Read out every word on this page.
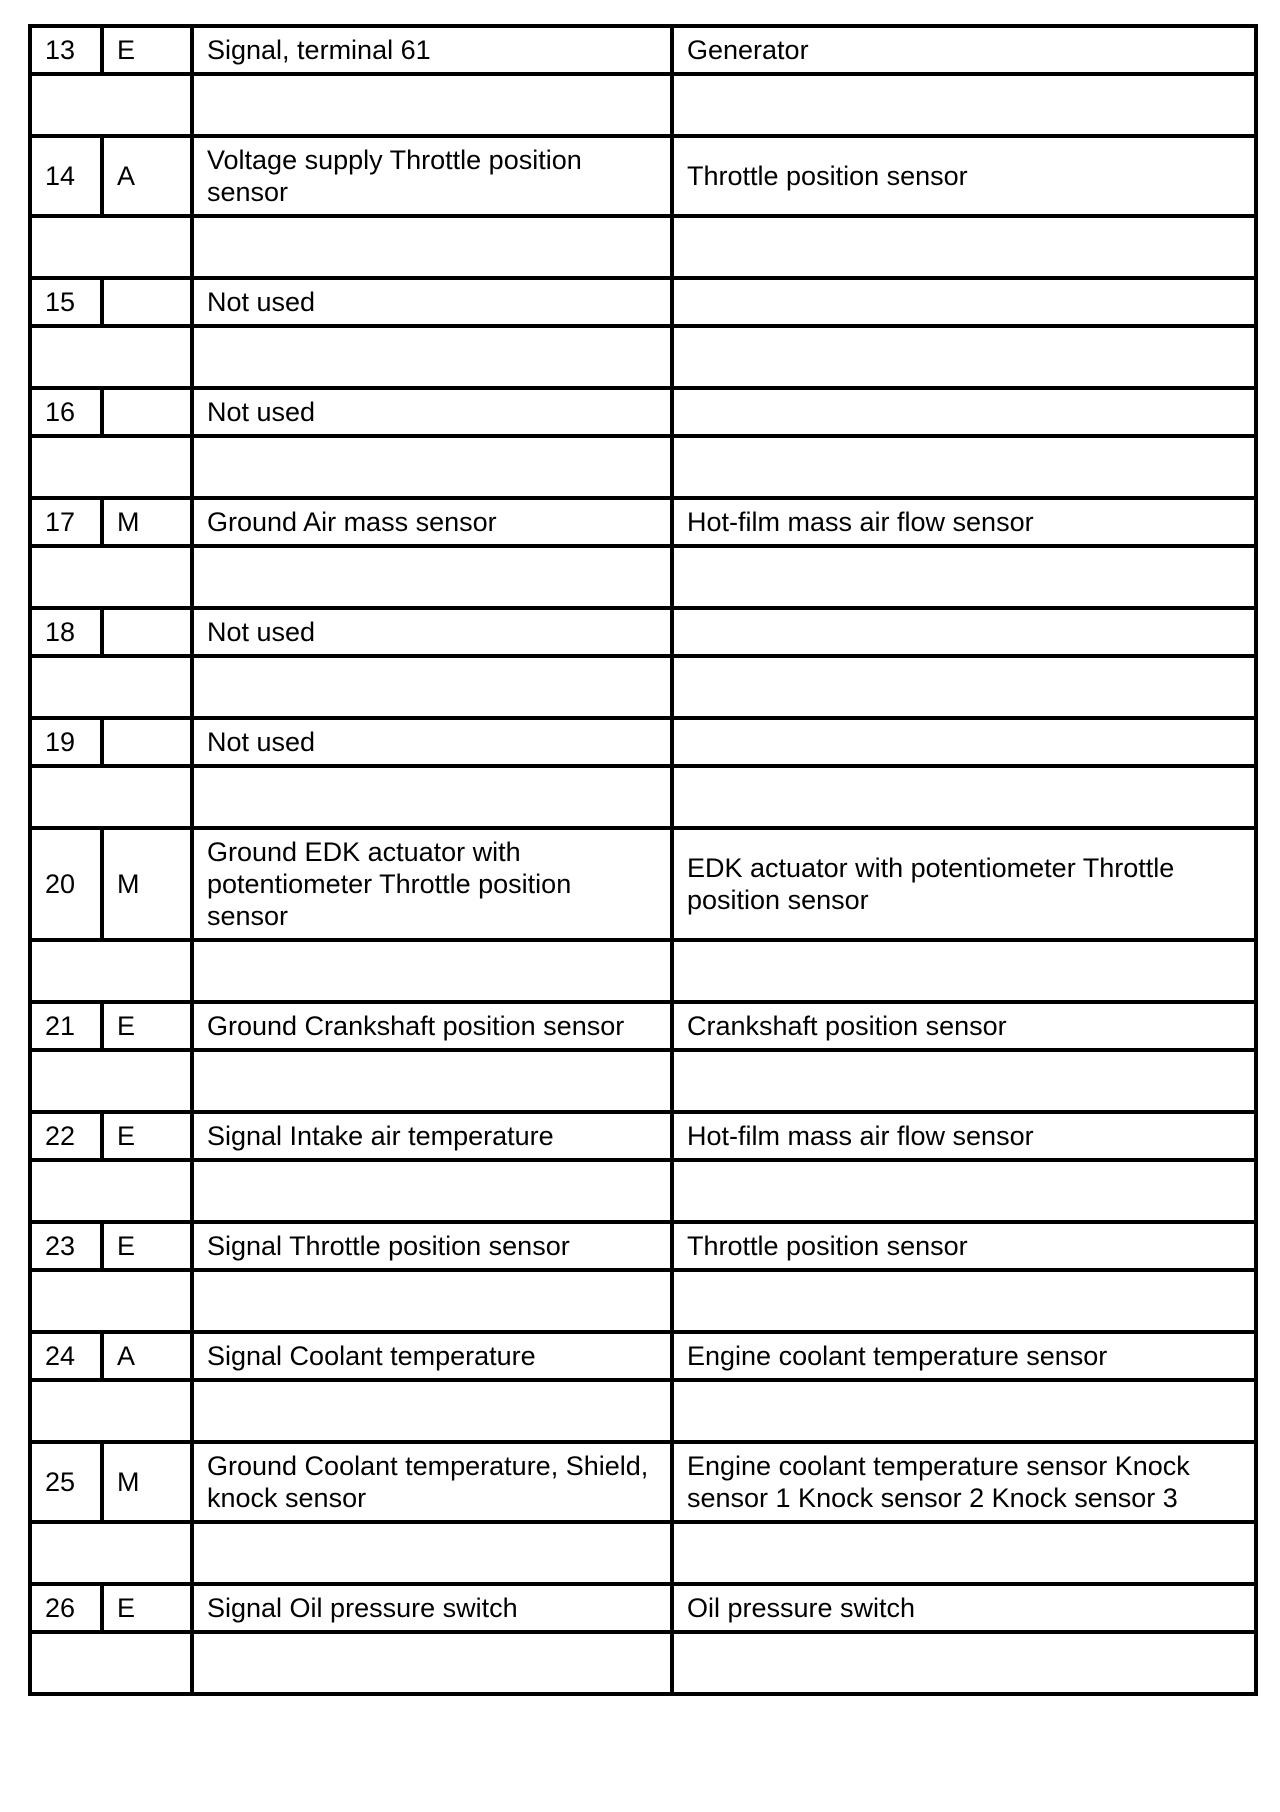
13	E	Signal, terminal 61	Generator

14	A	Voltage supply Throttle position sensor	Throttle position sensor

15		Not used	

16		Not used	

17	M	Ground Air mass sensor	Hot-film mass air flow sensor

18		Not used	

19		Not used	

20	M	Ground EDK actuator with potentiometer Throttle position sensor	EDK actuator with potentiometer Throttle position sensor

21	E	Ground Crankshaft position sensor	Crankshaft position sensor

22	E	Signal Intake air temperature	Hot-film mass air flow sensor

23	E	Signal Throttle position sensor	Throttle position sensor

24	A	Signal Coolant temperature	Engine coolant temperature sensor

25	M	Ground Coolant temperature, Shield, knock sensor	Engine coolant temperature sensor Knock sensor 1 Knock sensor 2 Knock sensor 3

26	E	Signal Oil pressure switch	Oil pressure switch
